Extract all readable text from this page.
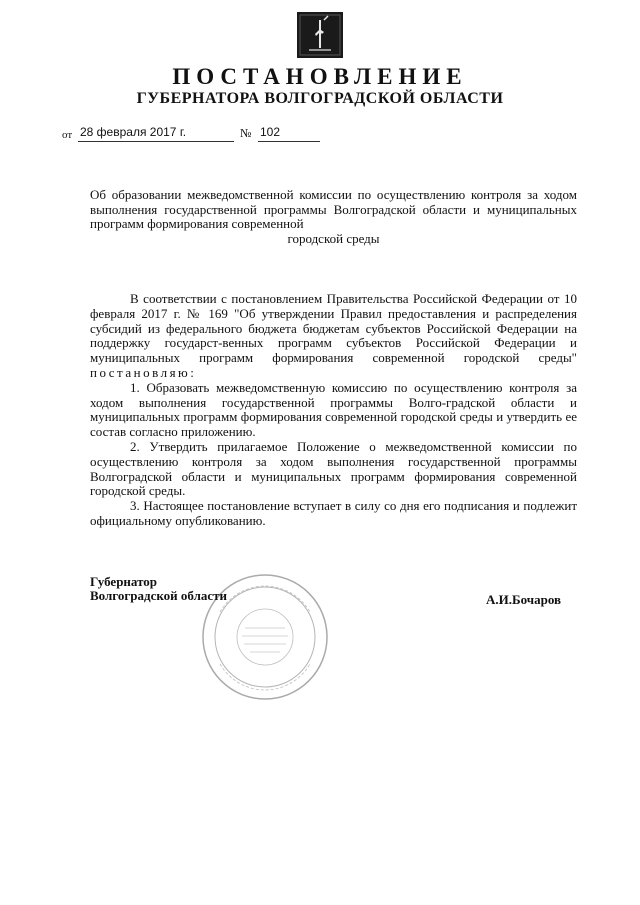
ПОСТАНОВЛЕНИЕ
ГУБЕРНАТОРА ВОЛГОГРАДСКОЙ ОБЛАСТИ
от 28 февраля 2017 г.	№ 102
Об образовании межведомственной комиссии по осуществлению контроля за ходом выполнения государственной программы Волгоградской области и муниципальных программ формирования современной
городской среды

В соответствии с постановлением Правительства Российской Федерации от 10 февраля 2017 г. № 169 "Об утверждении Правил предоставления и распределения субсидий из федерального бюджета бюджетам субъектов Российской Федерации на поддержку государст-венных программ субъектов Российской Федерации и муниципальных программ формирования современной городской среды" постановляю:

1. Образовать межведомственную комиссию по осуществлению контроля за ходом выполнения государственной программы Волго-градской области и муниципальных программ формирования современной городской среды и утвердить ее состав согласно приложению.

2. Утвердить прилагаемое Положение о межведомственной комиссии по осуществлению контроля за ходом выполнения государственной программы Волгоградской области и муниципальных программ формирования современной городской среды.

3. Настоящее постановление вступает в силу со дня его подписания и подлежит официальному опубликованию.

Губернатор
Волгоградской области	А.И.Бочаров
